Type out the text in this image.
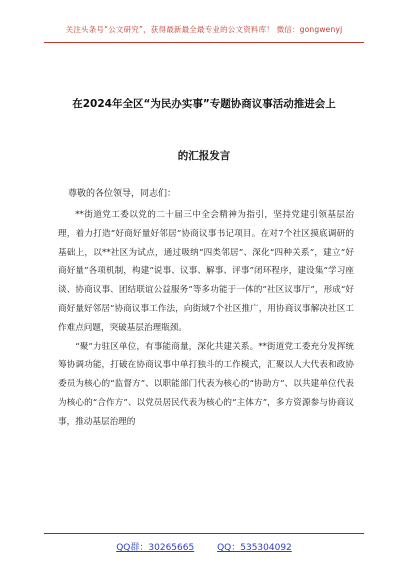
关注头条号“公文研究”，获得最新最全最专业的公文资料库！ 微信：gongwenyj
在2024年全区“为民办实事”专题协商议事活动推进会上
的汇报发言
尊敬的各位领导，同志们：

**街道党工委以党的二十届三中全会精神为指引，坚持党建引领基层治理，着力打造“好商好量好邻居”协商议事书记项目。在对7个社区摸底调研的基础上，以**社区为试点，通过吸纳“四类邻居”、深化“四种关系”，建立“好商好量”各项机制，构建“说事、议事、解事、评事”闭环程序，建设集“学习座谈、协商议事、团结联谊公益服务”等多功能于一体的“社区议事厅”，形成“好商好量好邻居”协商议事工作法，向街域7个社区推广，用协商议事解决社区工作难点问题，突破基层治理瓶颈。

“聚”力驻区单位，有事能商量，深化共建关系。**街道党工委充分发挥统筹协调功能，打破在协商议事中单打独斗的工作模式，汇聚以人大代表和政协委员为核心的“监督方”、以职能部门代表为核心的“协助方”、以共建单位代表为核心的“合作方”、以党员居民代表为核心的“主体方”，多方资源参与协商议事，推动基层治理的

QQ群：30265665	QQ：535304092
